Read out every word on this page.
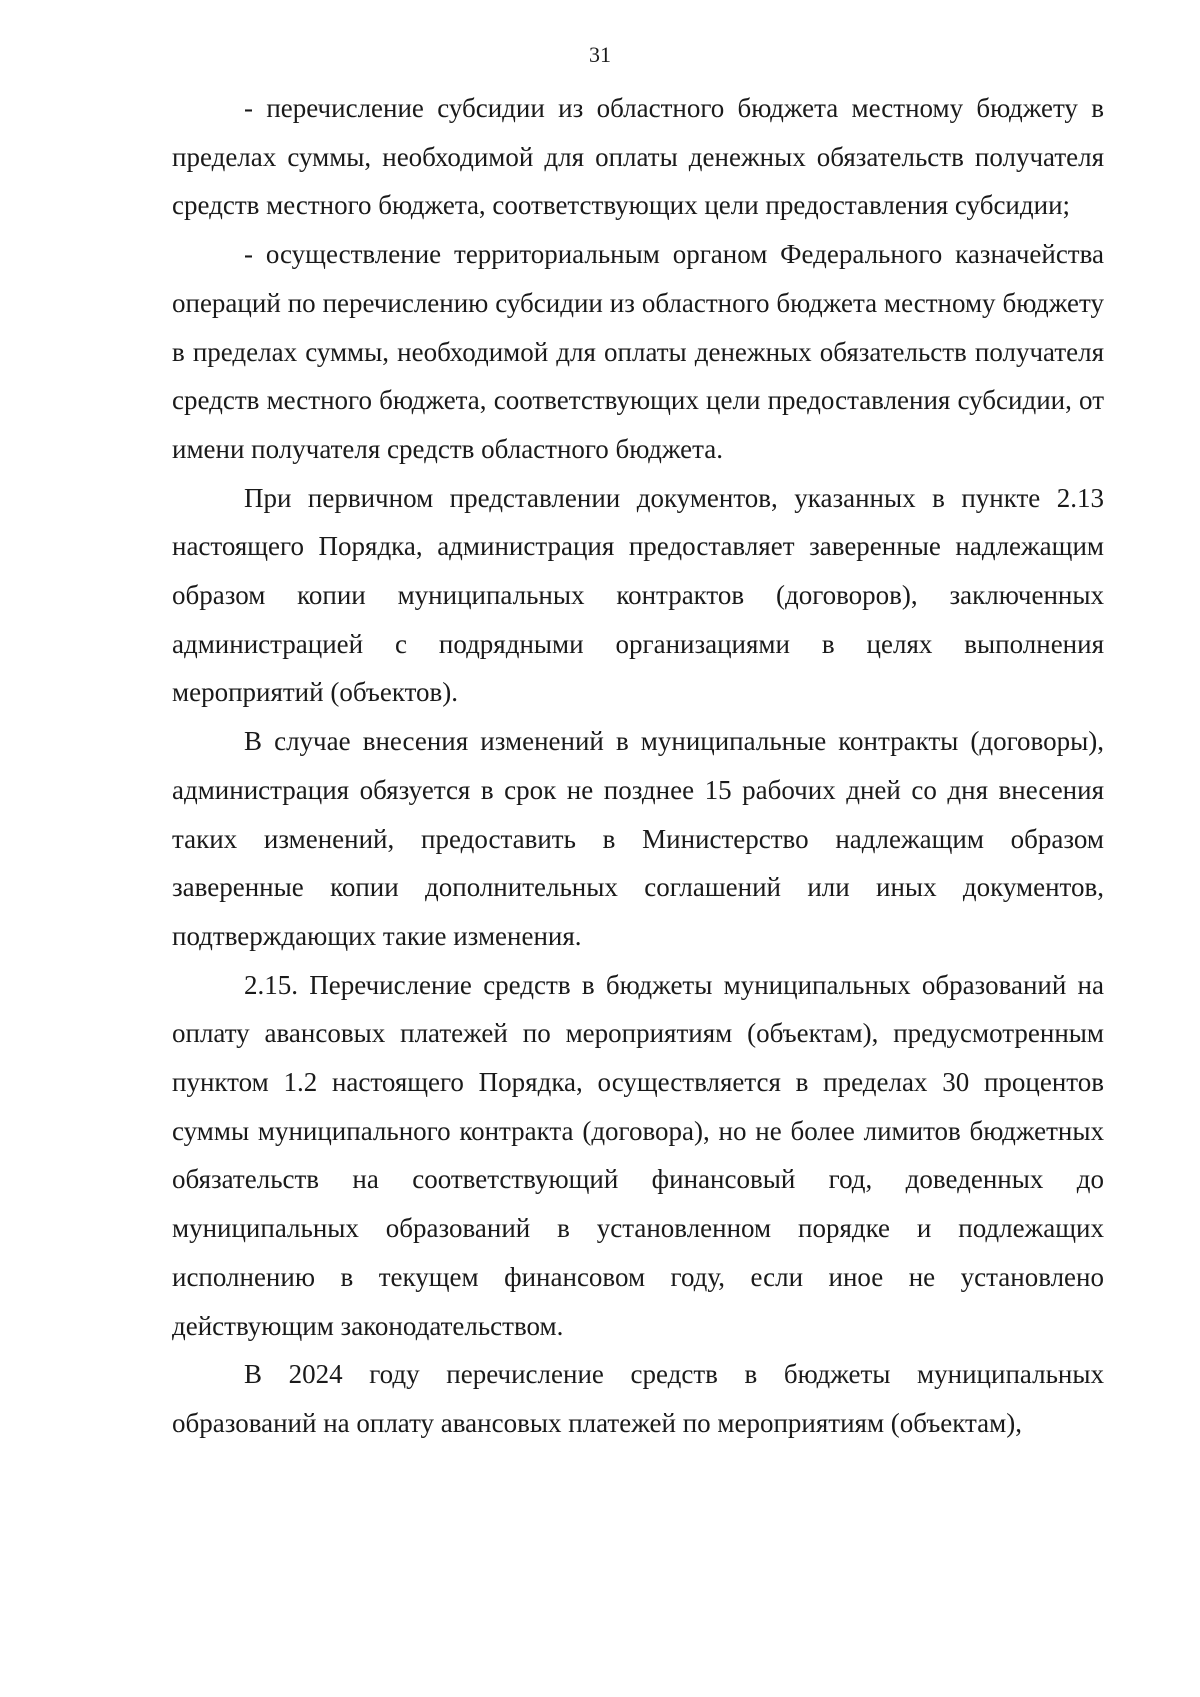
31

- перечисление субсидии из областного бюджета местному бюджету в пределах суммы, необходимой для оплаты денежных обязательств получателя средств местного бюджета, соответствующих цели предоставления субсидии;

- осуществление территориальным органом Федерального казначейства операций по перечислению субсидии из областного бюджета местному бюджету в пределах суммы, необходимой для оплаты денежных обязательств получателя средств местного бюджета, соответствующих цели предоставления субсидии, от имени получателя средств областного бюджета.

При первичном представлении документов, указанных в пункте 2.13 настоящего Порядка, администрация предоставляет заверенные надлежащим образом копии муниципальных контрактов (договоров), заключенных администрацией с подрядными организациями в целях выполнения мероприятий (объектов).

В случае внесения изменений в муниципальные контракты (договоры), администрация обязуется в срок не позднее 15 рабочих дней со дня внесения таких изменений, предоставить в Министерство надлежащим образом заверенные копии дополнительных соглашений или иных документов, подтверждающих такие изменения.

2.15. Перечисление средств в бюджеты муниципальных образований на оплату авансовых платежей по мероприятиям (объектам), предусмотренным пунктом 1.2 настоящего Порядка, осуществляется в пределах 30 процентов суммы муниципального контракта (договора), но не более лимитов бюджетных обязательств на соответствующий финансовый год, доведенных до муниципальных образований в установленном порядке и подлежащих исполнению в текущем финансовом году, если иное не установлено действующим законодательством.

В 2024 году перечисление средств в бюджеты муниципальных образований на оплату авансовых платежей по мероприятиям (объектам),
